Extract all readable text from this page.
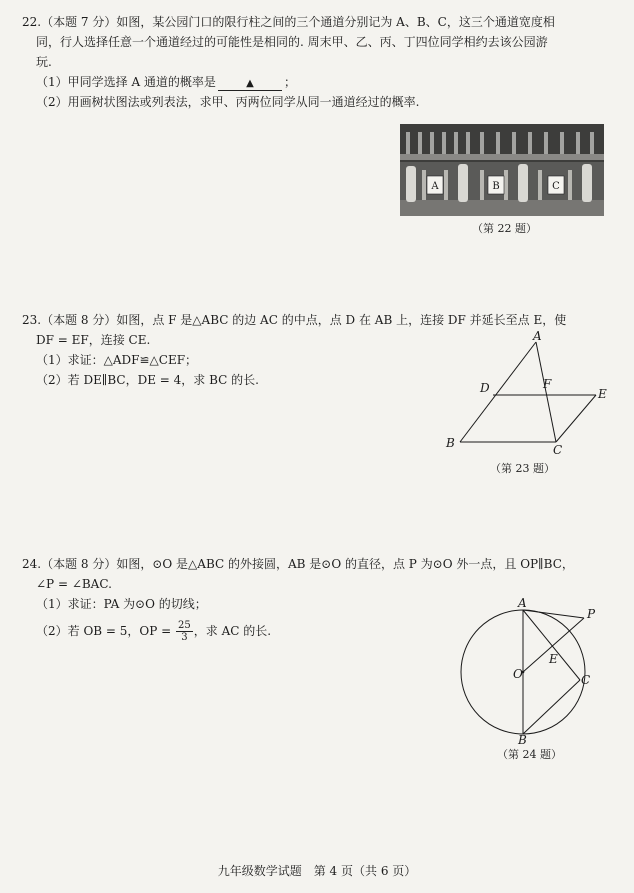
22.（本题 7 分）如图，某公园门口的限行柱之间的三个通道分别记为 A、B、C，这三个通道宽度相

同，行人选择任意一个通道经过的可能性是相同的. 周末甲、乙、丙、丁四位同学相约去该公园游

玩.

（1）甲同学选择 A 通道的概率是	▲	；

（2）用画树状图法或列表法，求甲、丙两位同学从同一通道经过的概率.

A	B	C
（第 22 题）

23.（本题 8 分）如图，点 F 是△ABC 的边 AC 的中点，点 D 在 AB 上，连接 DF 并延长至点 E，使

DF = EF，连接 CE.

（1）求证：△ADF≌△CEF；

（2）若 DE∥BC，DE = 4，求 BC 的长.

A
B	C
D	E
F
（第 23 题）

24.（本题 8 分）如图，⊙O 是△ABC 的外接圆，AB 是⊙O 的直径，点 P 为⊙O 外一点，且 OP∥BC，

∠P = ∠BAC.

（1）求证：PA 为⊙O 的切线；

（2）若 OB = 5，OP = $\frac{25}{3}$ ，求 AC 的长.

A
P
O
E
C
B
（第 24 题）
九年级数学试题　第 4 页（共 6 页）
